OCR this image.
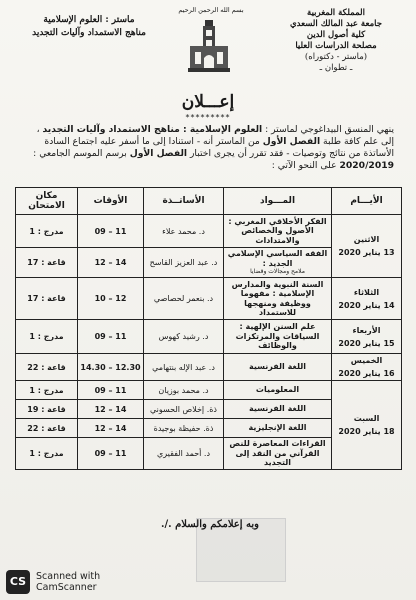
المملكة المغربية
جامعة عبد المالك السعدي
كلية أصول الدين
مصلحة الدراسات العليا
(ماستر - دكتوراه)
ـ تطوان ـ
بسم الله الرحمن الرحيم
ماستر : العلوم الإسلامية
مناهج الاستمداد وآليات التجديد
إعـــلان
*********
ينهي المنسق البيداغوجي لماستر : العلوم الإسلامية : مناهج الاستمداد وآليات التجديد ، إلى علم كافة طلبة الفصل الأول من الماستر أنه - استنادا إلى ما أسفر عليه اجتماع السادة الأساتذة من نتائج وتوصيات - فقد تقرر أن يجرى اختبار الفصل الأول برسم الموسم الجامعي : 2020/2019 على النحو الآتي :
الأيـــام	المـــواد	الأساتــذة	الأوقات	مكان الامتحان

الاثنين
13 يناير 2020	الفكر الأخلاقي المغربي : الأصول والخصائص والامتدادات	د. محمد علاء	09 – 11	مدرج : 1
	الفقه السياسي الإسلامي الجديد :
ملامح ومجالات وقضايا	د. عبد العزيز القاسح	12 – 14	قاعة : 17

الثلاثاء
14 يناير 2020	السنة النبوية والمدارس الإسلامية : مفهوما ووظيفة ومنهجها للاستمداد	د. بنعمر لحصاصي	10 – 12	قاعة : 17

الأربعاء
15 يناير 2020	علم السنن الإلهية : السياقات والمرتكزات والوظائف	د. رشيد كهوس	09 – 11	مدرج : 1

الخميس
16 يناير 2020	اللغة الفرنسية	د. عبد الإله بنتهامي	14.30 – 12.30	قاعة : 22

السبت
18 يناير 2020	المعلوميات	د. محمد بوزيان	09 – 11	مدرج : 1
	اللغة الفرنسية	ذة. إخلاص الحسوني	12 – 14	قاعة : 19
	اللغة الإنجليزية	ذة. حفيظة بوجيدة	12 – 14	قاعة : 22
	القراءات المعاصرة للنص القرآني من النقد إلى التجديد	د. أحمد الفقيري	09 – 11	مدرج : 1
وبه إعلامكم والسلام ./.
CS	Scanned with
CamScanner
